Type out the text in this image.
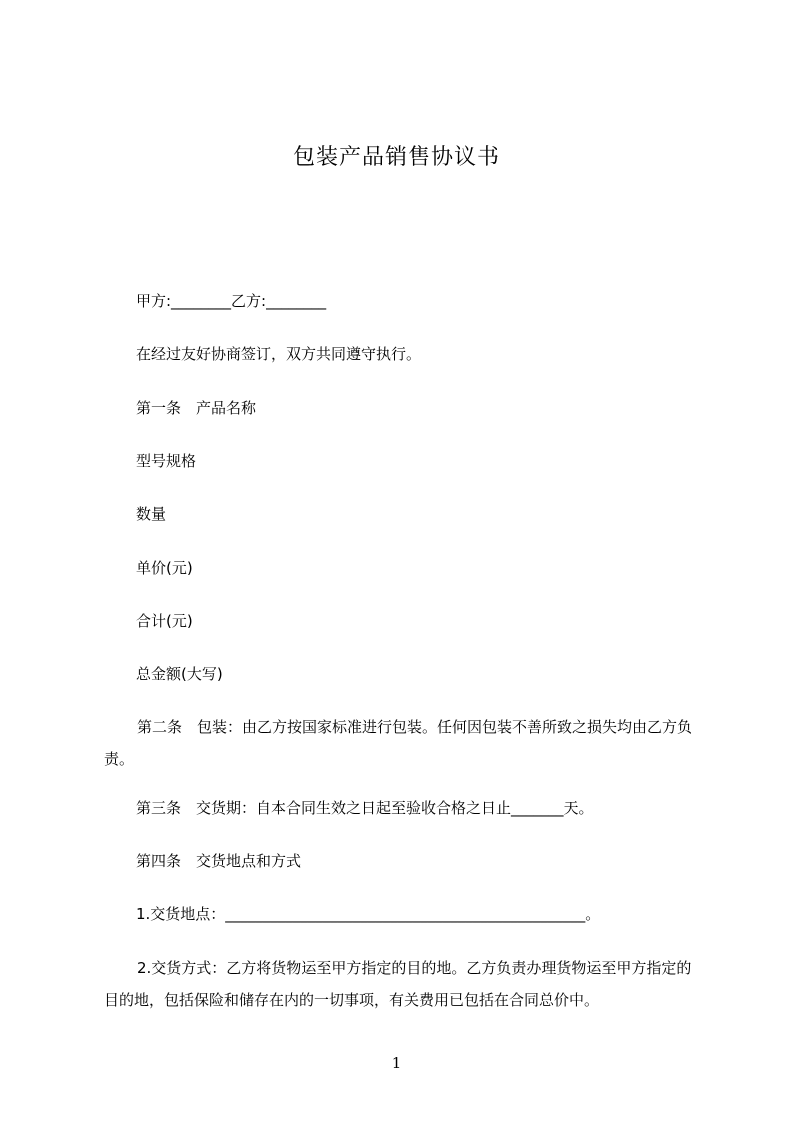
包装产品销售协议书
甲方:________乙方:________
在经过友好协商签订，双方共同遵守执行。
第一条　产品名称
型号规格
数量
单价(元)
合计(元)
总金额(大写)
第二条　包装：由乙方按国家标准进行包装。任何因包装不善所致之损失均由乙方负责。
第三条　交货期：自本合同生效之日起至验收合格之日止_______天。
第四条　交货地点和方式
1.交货地点：________________________________________________。
2.交货方式：乙方将货物运至甲方指定的目的地。乙方负责办理货物运至甲方指定的目的地，包括保险和储存在内的一切事项，有关费用已包括在合同总价中。
1
